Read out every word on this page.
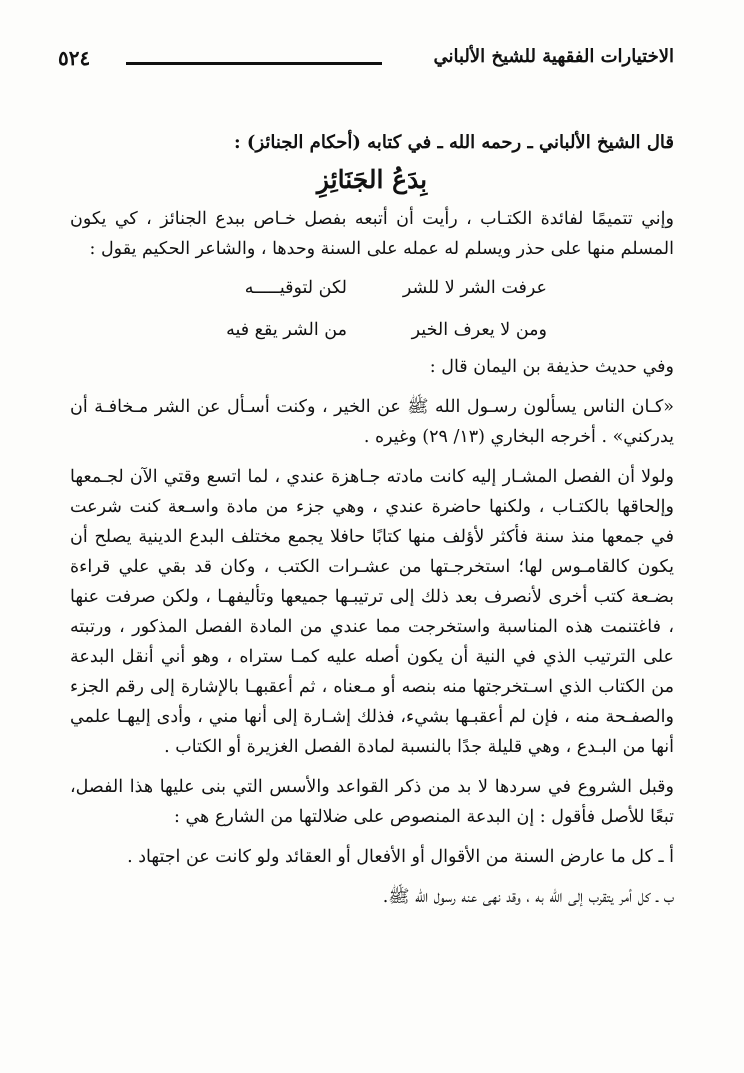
الاختيارات الفقهية للشيخ الألباني
٥٢٤

قال الشيخ الألباني ـ رحمه الله ـ في كتابه (أحكام الجنائز) :

بِدَعُ الجَنَائِزِ

وإني تتميمًا لفائدة الكتـاب ، رأيت أن أتبعه بفصل خـاص ببدع الجنائز ، كي يكون المسلم منها على حذر ويسلم له عمله على السنة وحدها ، والشاعر الحكيم يقول :

عرفت الشر لا للشر
لكن لتوقيـــــه
ومن لا يعرف الخير
من الشر يقع فيه

وفي حديث حذيفة بن اليمان قال :

«كـان الناس يسألون رسـول الله ﷺ عن الخير ، وكنت أسـأل عن الشر مـخافـة أن يدركني» . أخرجه البخاري (١٣/ ٢٩) وغيره .

ولولا أن الفصل المشـار إليه كانت مادته جـاهزة عندي ، لما اتسع وقتي الآن لجـمعها وإلحاقها بالكتـاب ، ولكنها حاضرة عندي ، وهي جزء من مادة واسـعة كنت شرعت في جمعها منذ سنة فأكثر لأؤلف منها كتابًا حافلا يجمع مختلف البدع الدينية يصلح أن يكون كالقامـوس لها؛ استخرجـتها من عشـرات الكتب ، وكان قد بقي علي قراءة بضـعة كتب أخرى لأنصرف بعد ذلك إلى ترتيبـها جميعها وتأليفهـا ، ولكن صرفت عنها ، فاغتنمت هذه المناسبة واستخرجت مما عندي من المادة الفصل المذكور ، ورتبته على الترتيب الذي في النية أن يكون أصله عليه كمـا ستراه ، وهو أني أنقل البدعة من الكتاب الذي اسـتخرجتها منه بنصه أو مـعناه ، ثم أعقبهـا بالإشارة إلى رقم الجزء والصفـحة منه ، فإن لم أعقبـها بشيء، فذلك إشـارة إلى أنها مني ، وأدى إليهـا علمي أنها من البـدع ، وهي قليلة جدًا بالنسبة لمادة الفصل الغزيرة أو الكتاب .

وقبل الشروع في سردها لا بد من ذكر القواعد والأسس التي بنى عليها هذا الفصل، تبعًا للأصل فأقول : إن البدعة المنصوص على ضلالتها من الشارع هي :

أ ـ كل ما عارض السنة من الأقوال أو الأفعال أو العقائد ولو كانت عن اجتهاد .

ب ـ كل أمر يتقرب إلى الله به ، وقد نهى عنه رسول الله ﷺ.
